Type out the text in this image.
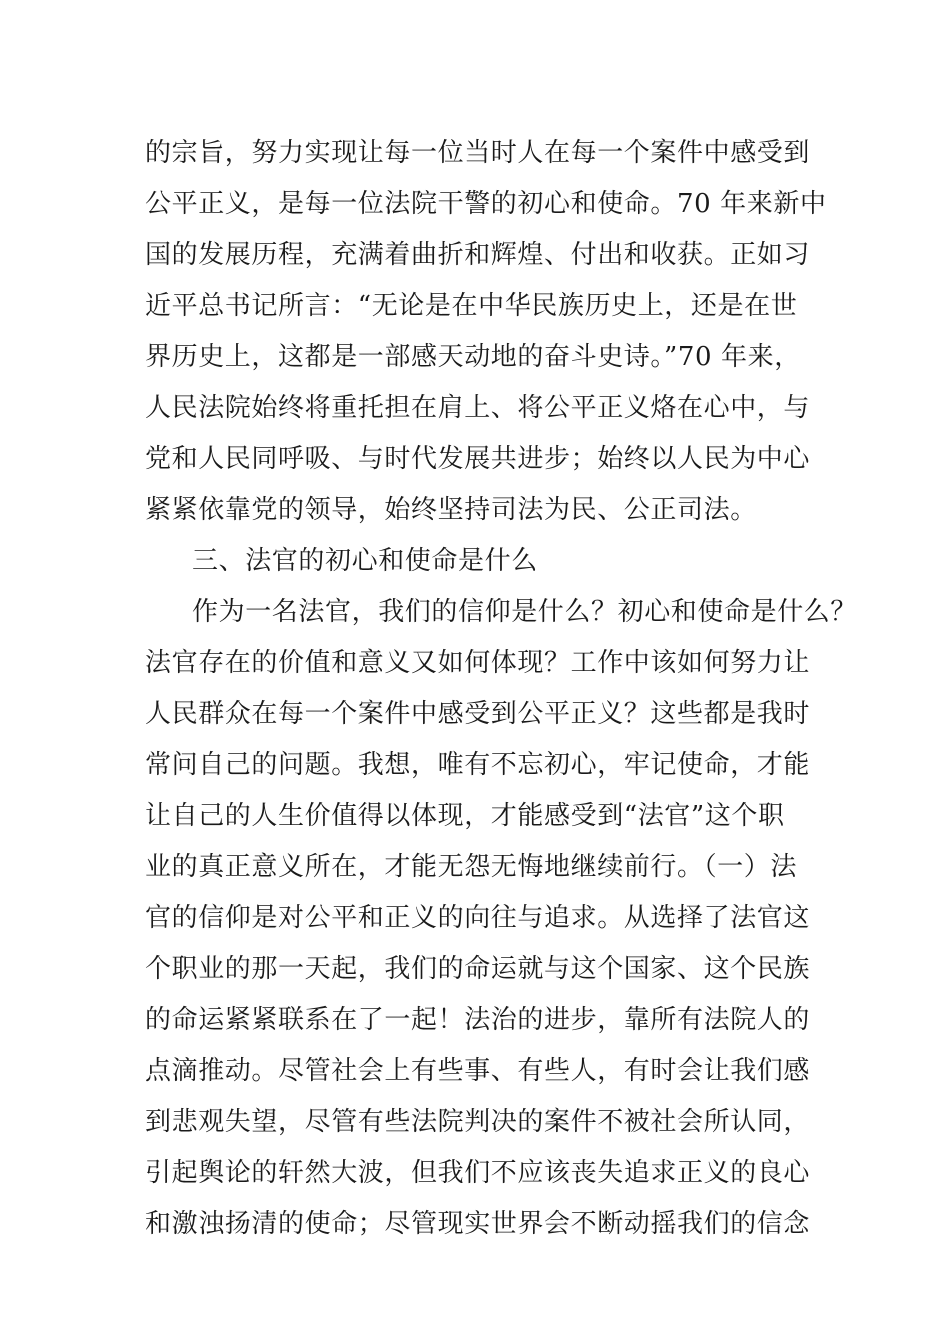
的宗旨，努力实现让每一位当时人在每一个案件中感受到
公平正义，是每一位法院干警的初心和使命。70 年来新中
国的发展历程，充满着曲折和辉煌、付出和收获。正如习
近平总书记所言：“无论是在中华民族历史上，还是在世
界历史上，这都是一部感天动地的奋斗史诗。”70 年来，
人民法院始终将重托担在肩上、将公平正义烙在心中，与
党和人民同呼吸、与时代发展共进步；始终以人民为中心
紧紧依靠党的领导，始终坚持司法为民、公正司法。
三、法官的初心和使命是什么
作为一名法官，我们的信仰是什么？初心和使命是什么？
法官存在的价值和意义又如何体现？工作中该如何努力让
人民群众在每一个案件中感受到公平正义？这些都是我时
常问自己的问题。我想，唯有不忘初心，牢记使命，才能
让自己的人生价值得以体现，才能感受到“法官”这个职
业的真正意义所在，才能无怨无悔地继续前行。（一）法
官的信仰是对公平和正义的向往与追求。从选择了法官这
个职业的那一天起，我们的命运就与这个国家、这个民族
的命运紧紧联系在了一起！法治的进步，靠所有法院人的
点滴推动。尽管社会上有些事、有些人，有时会让我们感
到悲观失望，尽管有些法院判决的案件不被社会所认同，
引起舆论的轩然大波，但我们不应该丧失追求正义的良心
和激浊扬清的使命；尽管现实世界会不断动摇我们的信念
